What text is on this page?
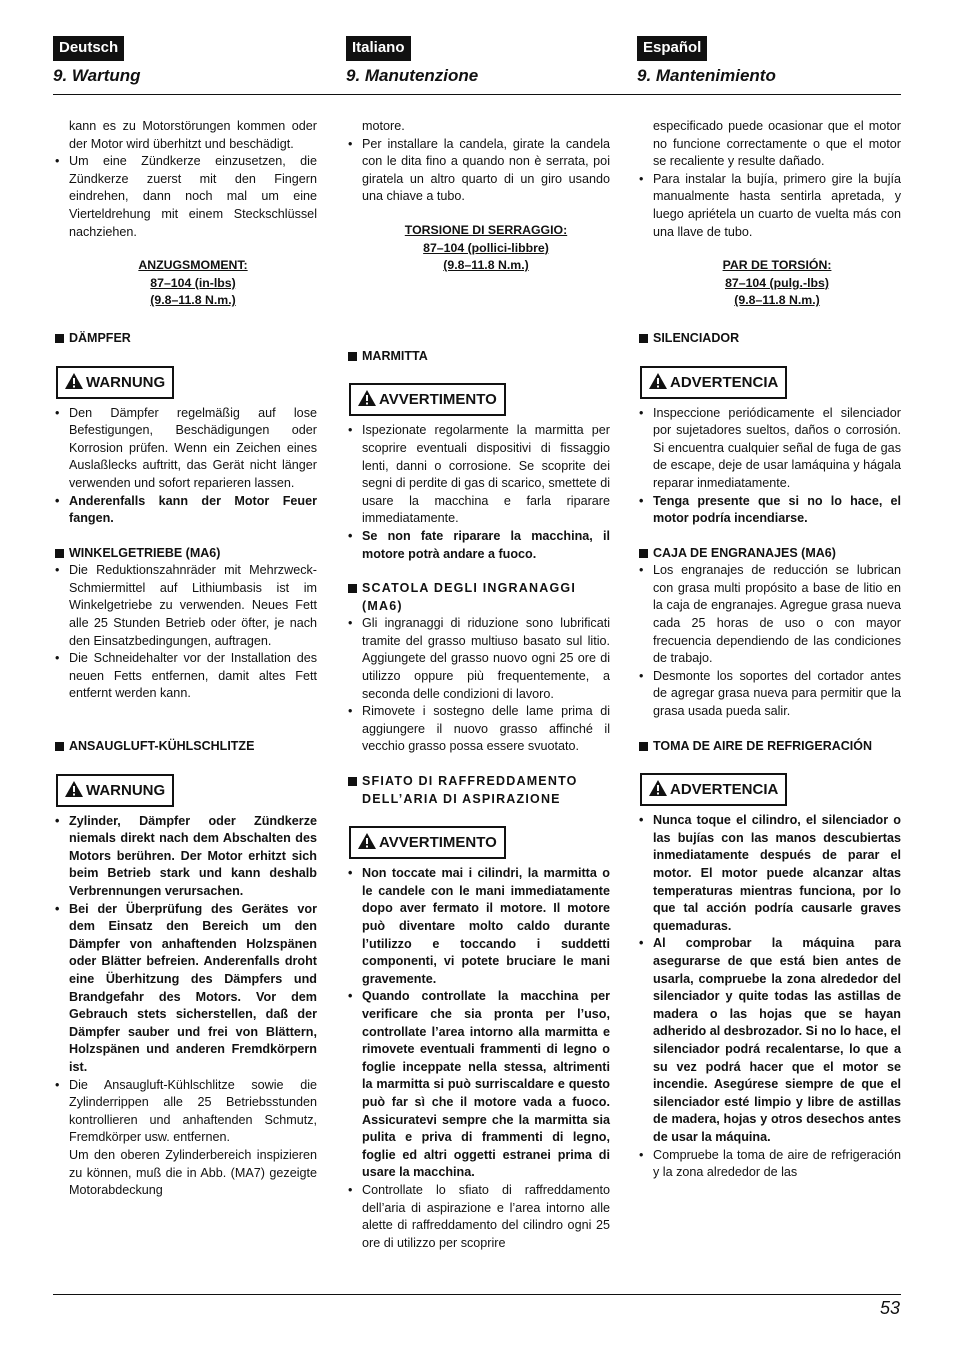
Deutsch
9. Wartung
Italiano
9. Manutenzione
Español
9. Mantenimiento

kann es zu Motorstörungen kommen oder der Motor wird überhitzt und beschädigt.

• Um eine Zündkerze einzusetzen, die Zündkerze zuerst mit den Fingern eindrehen, dann noch mal um eine Vierteldrehung mit einem Steckschlüssel nachziehen.

ANZUGSMOMENT:
87–104 (in-lbs)
(9.8–11.8 N.m.)
DÄMPFER
WARNUNG

• Den Dämpfer regelmäßig auf lose Befestigungen, Beschädigungen oder Korrosion prüfen. Wenn ein Zeichen eines Auslaßlecks auftritt, das Gerät nicht länger verwenden und sofort reparieren lassen.

• Anderenfalls kann der Motor Feuer fangen.

WINKELGETRIEBE (MA6)

• Die Reduktionszahnräder mit Mehrzweck-Schmiermittel auf Lithiumbasis ist im Winkelgetriebe zu verwenden. Neues Fett alle 25 Stunden Betrieb oder öfter, je nach den Einsatzbedingungen, auftragen.

• Die Schneidehalter vor der Installation des neuen Fetts entfernen, damit altes Fett entfernt werden kann.

ANSAUGLUFT-KÜHLSCHLITZE
WARNUNG

• Zylinder, Dämpfer oder Zündkerze niemals direkt nach dem Abschalten des Motors berühren. Der Motor erhitzt sich beim Betrieb stark und kann deshalb Verbrennungen verursachen.

• Bei der Überprüfung des Gerätes vor dem Einsatz den Bereich um den Dämpfer von anhaftenden Holzspänen oder Blätter befreien. Anderenfalls droht eine Überhitzung des Dämpfers und Brandgefahr des Motors. Vor dem Gebrauch stets sicherstellen, daß der Dämpfer sauber und frei von Blättern, Holzspänen und anderen Fremdkörpern ist.

• Die Ansaugluft-Kühlschlitze sowie die Zylinderrippen alle 25 Betriebsstunden kontrollieren und anhaftenden Schmutz, Fremdkörper usw. entfernen.

Um den oberen Zylinderbereich inspizieren zu können, muß die in Abb. (MA7) gezeigte Motorabdeckung

motore.

• Per installare la candela, girate la candela con le dita fino a quando non è serrata, poi giratela un altro quarto di un giro usando una chiave a tubo.

TORSIONE DI SERRAGGIO:
87–104 (pollici-libbre)
(9.8–11.8 N.m.)
MARMITTA
AVVERTIMENTO

• Ispezionate regolarmente la marmitta per scoprire eventuali dispositivi di fissaggio lenti, danni o corrosione. Se scoprite dei segni di perdite di gas di scarico, smettete di usare la macchina e farla riparare immediatamente.

• Se non fate riparare la macchina, il motore potrà andare a fuoco.

SCATOLA DEGLI INGRANAGGI (MA6)

• Gli ingranaggi di riduzione sono lubrificati tramite del grasso multiuso basato sul litio. Aggiungete del grasso nuovo ogni 25 ore di utilizzo oppure più frequentemente, a seconda delle condizioni di lavoro.

• Rimovete i sostegno delle lame prima di aggiungere il nuovo grasso affinché il vecchio grasso possa essere svuotato.

SFIATO DI RAFFREDDAMENTO DELL’ARIA DI ASPIRAZIONE
AVVERTIMENTO

• Non toccate mai i cilindri, la marmitta o le candele con le mani immediatamente dopo aver fermato il motore. Il motore può diventare molto caldo durante l’utilizzo e toccando i suddetti componenti, vi potete bruciare le mani gravemente.

• Quando controllate la macchina per verificare che sia pronta per l’uso, controllate l’area intorno alla marmitta e rimovete eventuali frammenti di legno o foglie inceppate nella stessa, altrimenti la marmitta si può surriscaldare e questo può far sì che il motore vada a fuoco. Assicuratevi sempre che la marmitta sia pulita e priva di frammenti di legno, foglie ed altri oggetti estranei prima di usare la macchina.

• Controllate lo sfiato di raffreddamento dell’aria di aspirazione e l’area intorno alle alette di raffreddamento del cilindro ogni 25 ore di utilizzo per scoprire

especificado puede ocasionar que el motor no funcione correctamente o que el motor se recaliente y resulte dañado.

• Para instalar la bujía, primero gire la bujía manualmente hasta sentirla apretada, y luego apriétela un cuarto de vuelta más con una llave de tubo.

PAR DE TORSIÓN:
87–104 (pulg.-lbs)
(9.8–11.8 N.m.)
SILENCIADOR
ADVERTENCIA

• Inspeccione periódicamente el silenciador por sujetadores sueltos, daños o corrosión. Si encuentra cualquier señal de fuga de gas de escape, deje de usar lamáquina y hágala reparar inmediatamente.

• Tenga presente que si no lo hace, el motor podría incendiarse.

CAJA DE ENGRANAJES (MA6)

• Los engranajes de reducción se lubrican con grasa multi propósito a base de litio en la caja de engranajes. Agregue grasa nueva cada 25 horas de uso o con mayor frecuencia dependiendo de las condiciones de trabajo.

• Desmonte los soportes del cortador antes de agregar grasa nueva para permitir que la grasa usada pueda salir.

TOMA DE AIRE DE REFRIGERACIÓN
ADVERTENCIA

• Nunca toque el cilindro, el silenciador o las bujías con las manos descubiertas inmediatamente después de parar el motor. El motor puede alcanzar altas temperaturas mientras funciona, por lo que tal acción podría causarle graves quemaduras.

• Al comprobar la máquina para asegurarse de que está bien antes de usarla, compruebe la zona alrededor del silenciador y quite todas las astillas de madera o las hojas que se hayan adherido al desbrozador. Si no lo hace, el silenciador podrá recalentarse, lo que a su vez podrá hacer que el motor se incendie. Asegúrese siempre de que el silenciador esté limpio y libre de astillas de madera, hojas y otros desechos antes de usar la máquina.

• Compruebe la toma de aire de refrigeración y la zona alrededor de las

53
